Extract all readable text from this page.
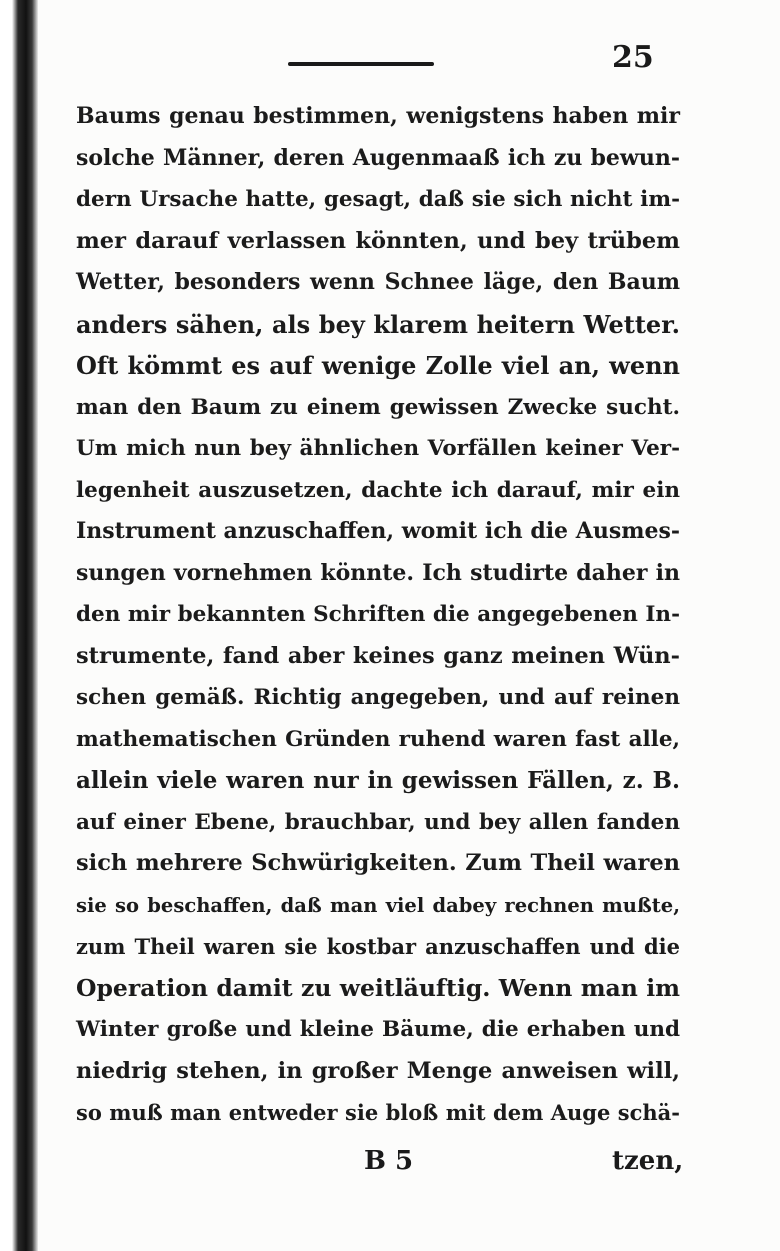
25
Baums genau bestimmen, wenigstens haben mir
solche Männer, deren Augenmaaß ich zu bewun-
dern Ursache hatte, gesagt, daß sie sich nicht im-
mer darauf verlassen könnten, und bey trübem
Wetter, besonders wenn Schnee läge, den Baum
anders sähen, als bey klarem heitern Wetter.
Oft kömmt es auf wenige Zolle viel an, wenn
man den Baum zu einem gewissen Zwecke sucht.
Um mich nun bey ähnlichen Vorfällen keiner Ver-
legenheit auszusetzen, dachte ich darauf, mir ein
Instrument anzuschaffen, womit ich die Ausmes-
sungen vornehmen könnte. Ich studirte daher in
den mir bekannten Schriften die angegebenen In-
strumente, fand aber keines ganz meinen Wün-
schen gemäß. Richtig angegeben, und auf reinen
mathematischen Gründen ruhend waren fast alle,
allein viele waren nur in gewissen Fällen, z. B.
auf einer Ebene, brauchbar, und bey allen fanden
sich mehrere Schwürigkeiten. Zum Theil waren
sie so beschaffen, daß man viel dabey rechnen mußte,
zum Theil waren sie kostbar anzuschaffen und die
Operation damit zu weitläuftig. Wenn man im
Winter große und kleine Bäume, die erhaben und
niedrig stehen, in großer Menge anweisen will,
so muß man entweder sie bloß mit dem Auge schä-
B 5	tzen,
